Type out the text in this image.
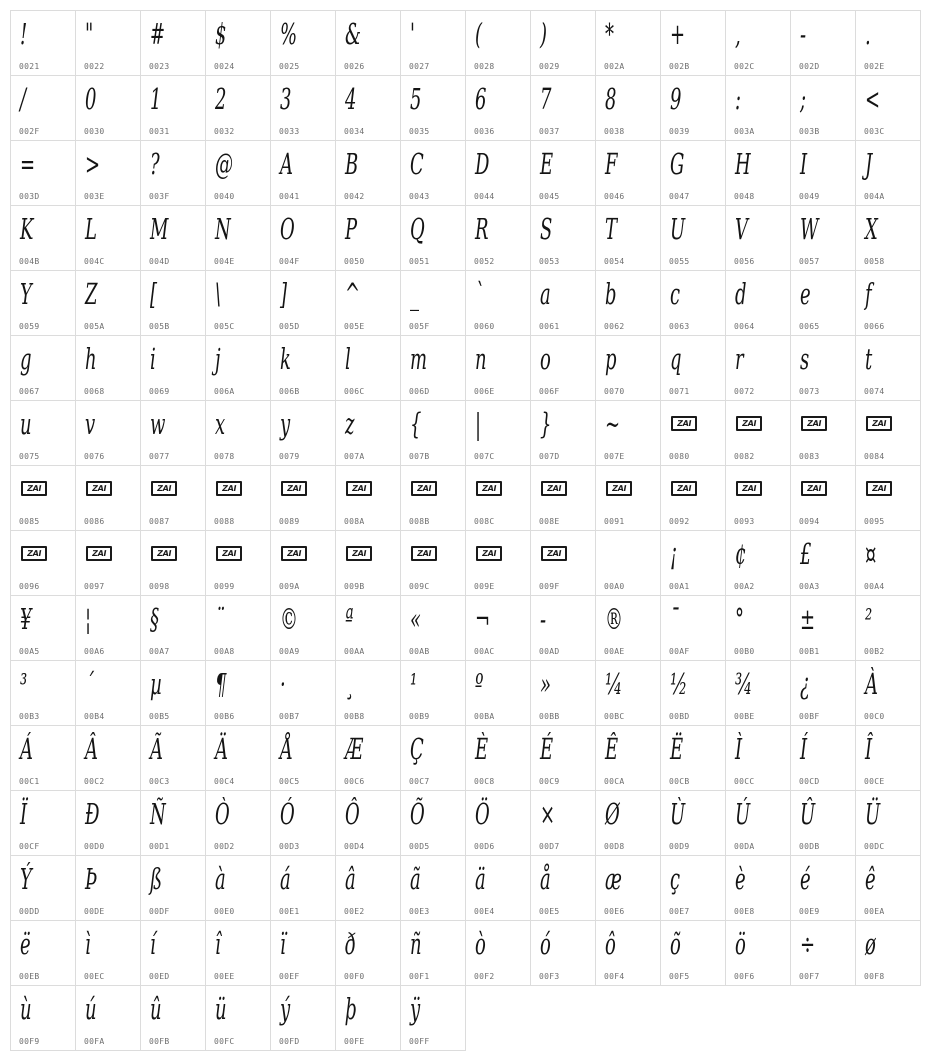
!
0021
"
0022
#
0023
$
0024
%
0025
&
0026
'
0027
(
0028
)
0029
*
002A
+
002B
,
002C
-
002D
.
002E
/
002F
0
0030
1
0031
2
0032
3
0033
4
0034
5
0035
6
0036
7
0037
8
0038
9
0039
:
003A
;
003B
<
003C
=
003D
>
003E
?
003F
@
0040
A
0041
B
0042
C
0043
D
0044
E
0045
F
0046
G
0047
H
0048
I
0049
J
004A
K
004B
L
004C
M
004D
N
004E
O
004F
P
0050
Q
0051
R
0052
S
0053
T
0054
U
0055
V
0056
W
0057
X
0058
Y
0059
Z
005A
[
005B
\
005C
]
005D
^
005E
_
005F
`
0060
a
0061
b
0062
c
0063
d
0064
e
0065
f
0066
g
0067
h
0068
i
0069
j
006A
k
006B
l
006C
m
006D
n
006E
o
006F
p
0070
q
0071
r
0072
s
0073
t
0074
u
0075
v
0076
w
0077
x
0078
y
0079
z
007A
{
007B
|
007C
}
007D
~
007E
ZAI
0080
ZAI
0082
ZAI
0083
ZAI
0084
ZAI
0085
ZAI
0086
ZAI
0087
ZAI
0088
ZAI
0089
ZAI
008A
ZAI
008B
ZAI
008C
ZAI
008E
ZAI
0091
ZAI
0092
ZAI
0093
ZAI
0094
ZAI
0095
ZAI
0096
ZAI
0097
ZAI
0098
ZAI
0099
ZAI
009A
ZAI
009B
ZAI
009C
ZAI
009E
ZAI
009F	00A0
¡
00A1
¢
00A2
£
00A3
¤
00A4
¥
00A5
¦
00A6
§
00A7
¨
00A8
©
00A9
ª
00AA
«
00AB
¬
00AC
-
00AD
®
00AE
¯
00AF
°
00B0
±
00B1
²
00B2
³
00B3
´
00B4
µ
00B5
¶
00B6
·
00B7
¸
00B8
¹
00B9
º
00BA
»
00BB
¼
00BC
½
00BD
¾
00BE
¿
00BF
À
00C0
Á
00C1
Â
00C2
Ã
00C3
Ä
00C4
Å
00C5
Æ
00C6
Ç
00C7
È
00C8
É
00C9
Ê
00CA
Ë
00CB
Ì
00CC
Í
00CD
Î
00CE
Ï
00CF
Ð
00D0
Ñ
00D1
Ò
00D2
Ó
00D3
Ô
00D4
Õ
00D5
Ö
00D6
×
00D7
Ø
00D8
Ù
00D9
Ú
00DA
Û
00DB
Ü
00DC
Ý
00DD
Þ
00DE
ß
00DF
à
00E0
á
00E1
â
00E2
ã
00E3
ä
00E4
å
00E5
æ
00E6
ç
00E7
è
00E8
é
00E9
ê
00EA
ë
00EB
ì
00EC
í
00ED
î
00EE
ï
00EF
ð
00F0
ñ
00F1
ò
00F2
ó
00F3
ô
00F4
õ
00F5
ö
00F6
÷
00F7
ø
00F8
ù
00F9
ú
00FA
û
00FB
ü
00FC
ý
00FD
þ
00FE
ÿ
00FF
